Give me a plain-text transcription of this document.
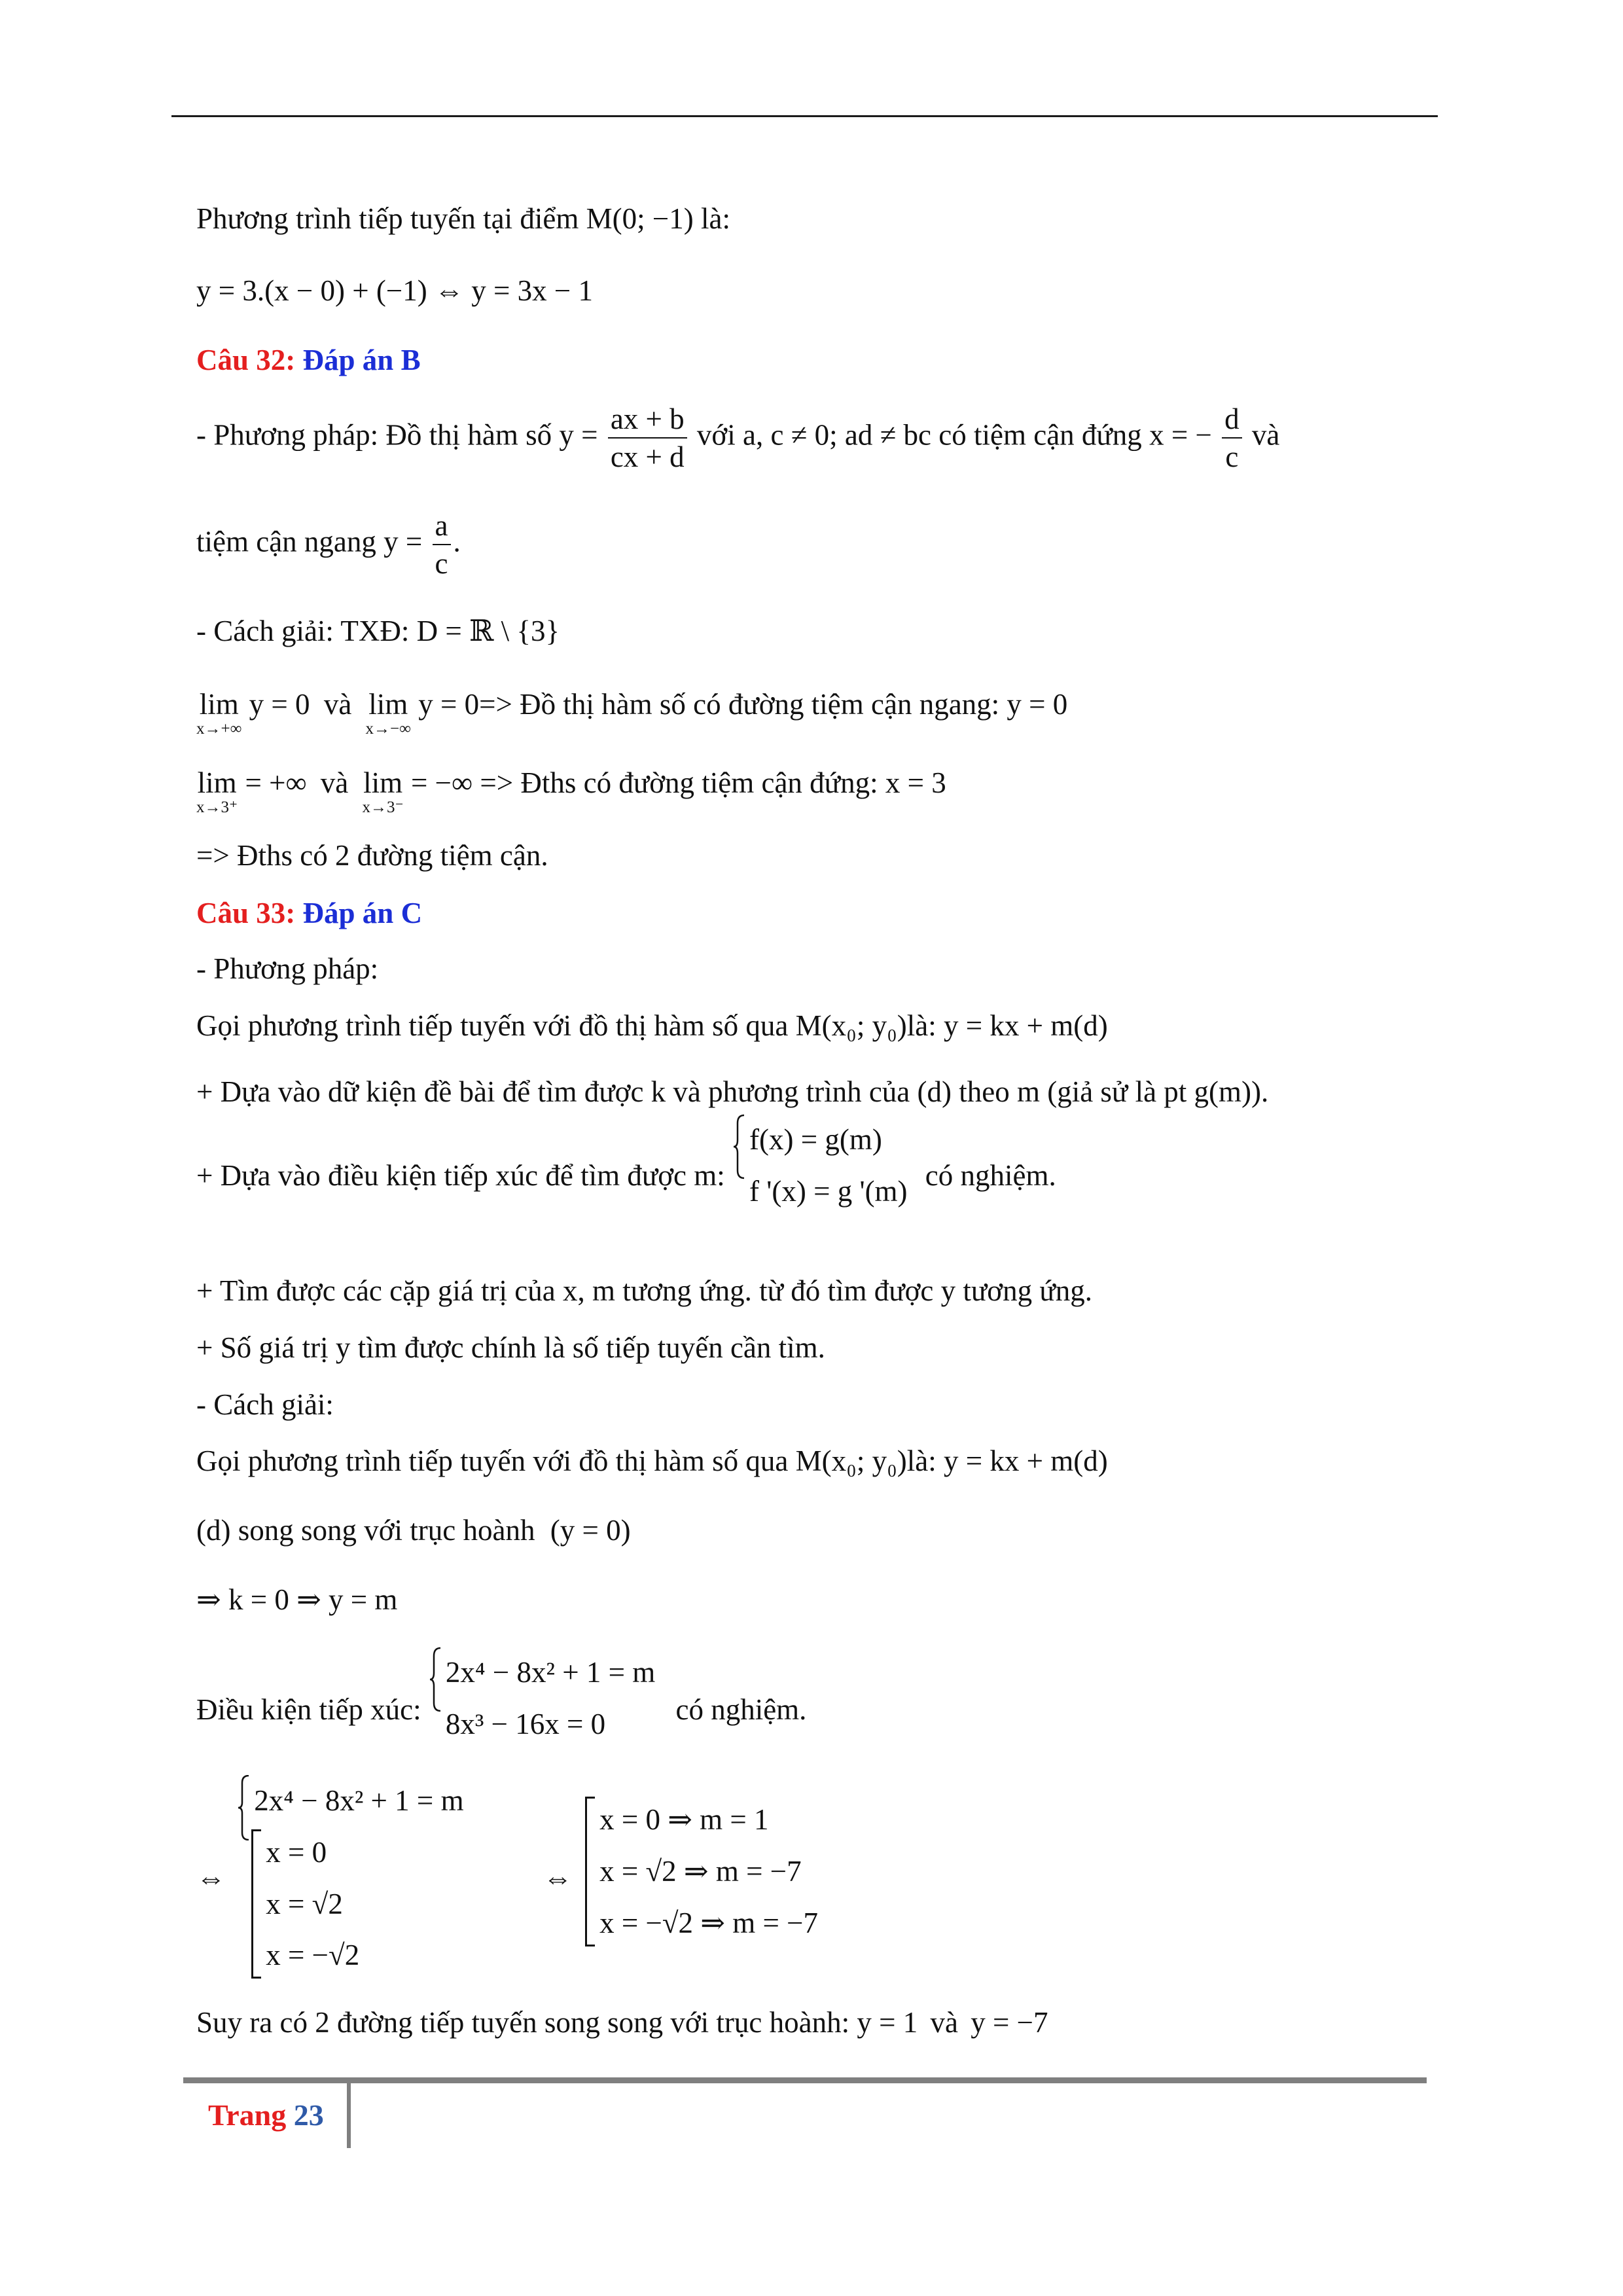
Phương trình tiếp tuyến tại điểm M(0; −1) là:
y = 3.(x − 0) + (−1) ⇔ y = 3x − 1
Câu 32: Đáp án B
- Phương pháp: Đồ thị hàm số $y = \frac{ax + b}{cx + d}$ với a, c ≠ 0; ad ≠ bc có tiệm cận đứng x = − $\frac{d}{c}$ và
tiệm cận ngang $y = \frac{a}{c}$ .
- Cách giải: TXĐ: D = ℝ \ {3}
lim
x→+∞
y = 0 và lim
x→−∞
y = 0=> Đồ thị hàm số có đường tiệm cận ngang: y = 0
lim
x→3⁺
= +∞ và lim
x→3⁻
= −∞ => Đths có đường tiệm cận đứng: x = 3
=> Đths có 2 đường tiệm cận.
Câu 33: Đáp án C
- Phương pháp:
Gọi phương trình tiếp tuyến với đồ thị hàm số qua M(x₀; y₀)là: y = kx + m(d)
+ Dựa vào dữ kiện đề bài để tìm được k và phương trình của (d) theo m (giả sử là pt g(m)).
+ Dựa vào điều kiện tiếp xúc để tìm được m:
f(x) = g(m)
f '(x) = g '(m) có nghiệm.
+ Tìm được các cặp giá trị của x, m tương ứng. từ đó tìm được y tương ứng.
+ Số giá trị y tìm được chính là số tiếp tuyến cần tìm.
- Cách giải:
Gọi phương trình tiếp tuyến với đồ thị hàm số qua M(x₀; y₀)là: y = kx + m(d)
(d) song song với trục hoành (y = 0)
⇒ k = 0 ⇒ y = m
Điều kiện tiếp xúc:
2x⁴ − 8x² + 1 = m
8x³ − 16x = 0	có nghiệm.
⇔
2x⁴ − 8x² + 1 = m
x = 0
x = √2
x = −√2
⇔
x = 0 ⇒ m = 1
x = √2 ⇒ m = −7
x = −√2 ⇒ m = −7
Suy ra có 2 đường tiếp tuyến song song với trục hoành: y = 1 và y = −7
Trang 23
